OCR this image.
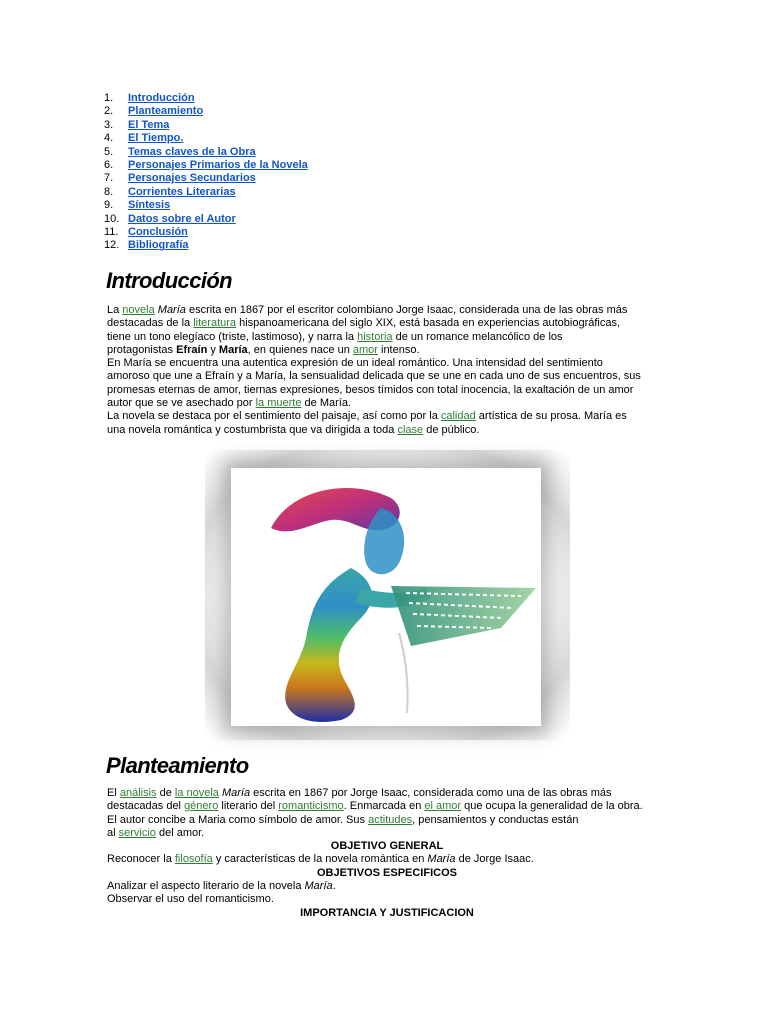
1.	Introducción
2.	Planteamiento
3.	El Tema
4.	El Tiempo.
5.	Temas claves de la Obra
6.	Personajes Primarios de la Novela
7.	Personajes Secundarios
8.	Corrientes Literarias
9.	Síntesis
10. Datos sobre el Autor
11. Conclusión
12. Bibliografía
Introducción
La novela María escrita en 1867 por el escritor colombiano Jorge Isaac, considerada una de las obras más
destacadas de la literatura hispanoamericana del siglo XIX, está basada en experiencias autobiográficas,
tiene un tono elegíaco (triste, lastimoso), y narra la historia de un romance melancólico de los
protagonistas Efraín y María, en quienes nace un amor intenso.
En María se encuentra una autentica expresión de un ideal romántico. Una intensidad del sentimiento
amoroso que une a Efraín y a María, la sensualidad delicada que se une en cada uno de sus encuentros, sus
promesas eternas de amor, tiernas expresiones, besos tímidos con total inocencia, la exaltación de un amor
autor que se ve asechado por la muerte de María.
La novela se destaca por el sentimiento del paisaje, así como por la calidad artística de su prosa. María es
una novela romántica y costumbrista que va dirigida a toda clase de público.
Planteamiento
El análisis de la novela María escrita en 1867 por Jorge Isaac, considerada como una de las obras más
destacadas del género literario del romanticismo. Enmarcada en el amor que ocupa la generalidad de la obra.
El autor concibe a Maria como símbolo de amor. Sus actitudes, pensamientos y conductas están
al servicio del amor.
OBJETIVO GENERAL
Reconocer la filosofía y características de la novela romántica en María de Jorge Isaac.
OBJETIVOS ESPECIFICOS
Analizar el aspecto literario de la novela María.
Observar el uso del romanticismo.
IMPORTANCIA Y JUSTIFICACION
